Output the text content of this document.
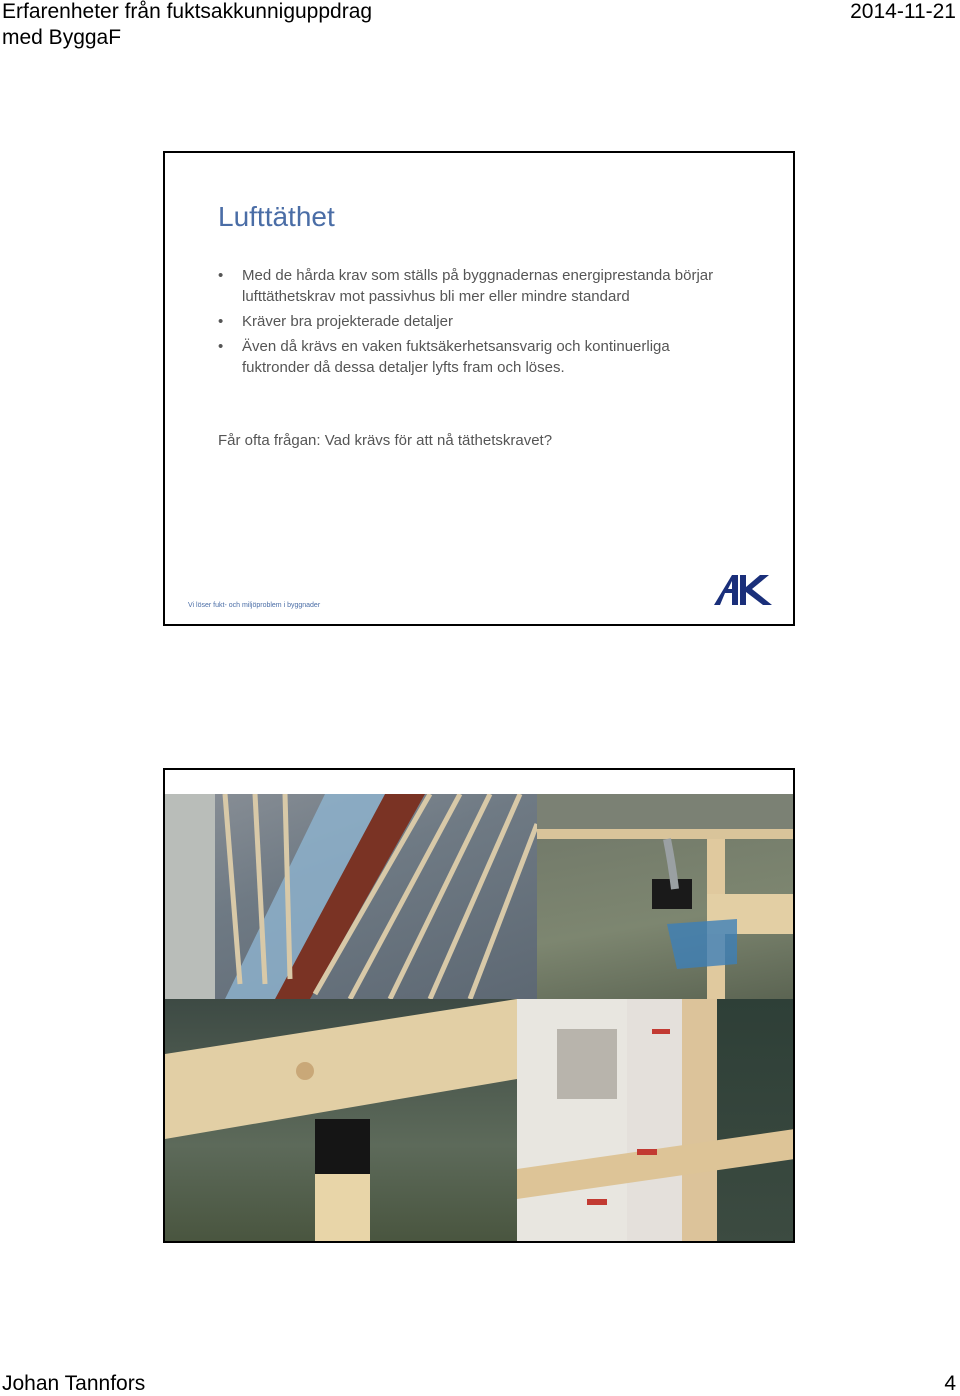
Erfarenheter från fuktsakkunniguppdrag
med ByggaF
2014-11-21
Lufttäthet
• Med de hårda krav som ställs på byggnadernas energiprestanda börjar lufttäthetskrav mot passivhus bli mer eller mindre standard
• Kräver bra projekterade detaljer
• Även då krävs en vaken fuktsäkerhetsansvarig och kontinuerliga fuktronder då dessa detaljer lyfts fram och löses.
Får ofta frågan: Vad krävs för att nå täthetskravet?
Vi löser fukt- och miljöproblem i byggnader
Johan Tannfors	4
